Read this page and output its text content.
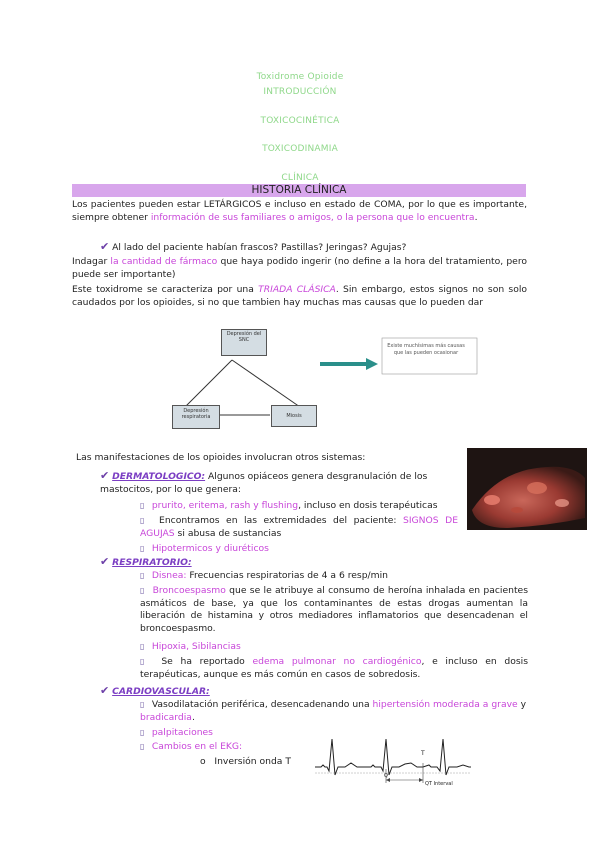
Toxidrome Opioide
INTRODUCCIÓN
TOXICOCINÉTICA
TOXICODINAMIA
CLÍNICA
HISTORIA CLÍNICA
Los pacientes pueden estar LETÁRGICOS e incluso en estado de COMA, por lo que es importante, siempre obtener información de sus familiares o amigos, o la persona que lo encuentra.
✔ Al lado del paciente habían frascos? Pastillas? Jeringas? Agujas?
Indagar la cantidad de fármaco que haya podido ingerir (no define a la hora del tratamiento, pero puede ser importante)
Este toxidrome se caracteriza por una TRIADA CLÁSICA. Sin embargo, estos signos no son solo caudados por los opioides, si no que tambien hay muchas mas causas que lo pueden dar
Depresión del SNC
Depresión respiratoria	Miosis
Existe muchísimas más causas que las pueden ocasionar
Las manifestaciones de los opioides involucran otros sistemas:
✔ DERMATOLOGICO: Algunos opiáceos genera desgranulación de los mastocitos, por lo que genera:
▯ prurito, eritema, rash y flushing, incluso en dosis terapéuticas
▯ Encontramos en las extremidades del paciente: SIGNOS DE AGUJAS si abusa de sustancias
▯ Hipotermicos y diuréticos
✔ RESPIRATORIO:
▯ Disnea: Frecuencias respiratorias de 4 a 6 resp/min
▯ Broncoespasmo que se le atribuye al consumo de heroína inhalada en pacientes asmáticos de base, ya que los contaminantes de estas drogas aumentan la liberación de histamina y otros mediadores inflamatorios que desencadenan el broncoespasmo.
▯ Hipoxia, Sibilancias
▯ Se ha reportado edema pulmonar no cardiogénico, e incluso en dosis terapéuticas, aunque es más común en casos de sobredosis.
✔ CARDIOVASCULAR:
▯ Vasodilatación periférica, desencadenando una hipertensión moderada a grave y bradicardia.
▯ palpitaciones
▯ Cambios en el EKG:
o Inversión onda T
T
Q
QT Interval
